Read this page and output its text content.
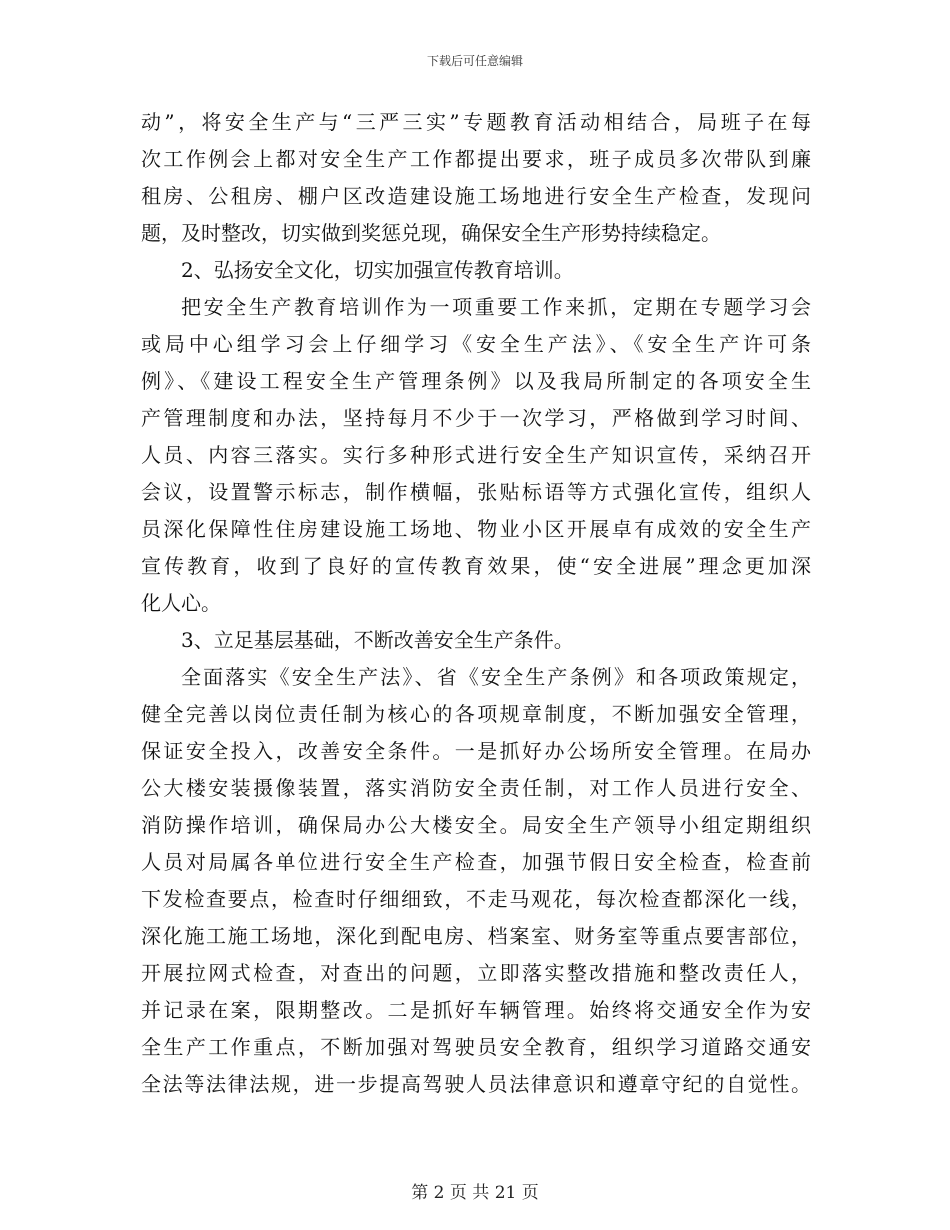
下载后可任意编辑
动”，将安全生产与“三严三实”专题教育活动相结合，局班子在每
次工作例会上都对安全生产工作都提出要求，班子成员多次带队到廉
租房、公租房、棚户区改造建设施工场地进行安全生产检查，发现问
题，及时整改，切实做到奖惩兑现，确保安全生产形势持续稳定。
2、弘扬安全文化，切实加强宣传教育培训。
把安全生产教育培训作为一项重要工作来抓，定期在专题学习会
或局中心组学习会上仔细学习《安全生产法》、《安全生产许可条
例》、《建设工程安全生产管理条例》以及我局所制定的各项安全生
产管理制度和办法，坚持每月不少于一次学习，严格做到学习时间、
人员、内容三落实。实行多种形式进行安全生产知识宣传，采纳召开
会议，设置警示标志，制作横幅，张贴标语等方式强化宣传，组织人
员深化保障性住房建设施工场地、物业小区开展卓有成效的安全生产
宣传教育，收到了良好的宣传教育效果，使“安全进展”理念更加深
化人心。
3、立足基层基础，不断改善安全生产条件。
全面落实《安全生产法》、省《安全生产条例》和各项政策规定，
健全完善以岗位责任制为核心的各项规章制度，不断加强安全管理，
保证安全投入，改善安全条件。一是抓好办公场所安全管理。在局办
公大楼安装摄像装置，落实消防安全责任制，对工作人员进行安全、
消防操作培训，确保局办公大楼安全。局安全生产领导小组定期组织
人员对局属各单位进行安全生产检查，加强节假日安全检查，检查前
下发检查要点，检查时仔细细致，不走马观花，每次检查都深化一线，
深化施工施工场地，深化到配电房、档案室、财务室等重点要害部位，
开展拉网式检查，对查出的问题，立即落实整改措施和整改责任人，
并记录在案，限期整改。二是抓好车辆管理。始终将交通安全作为安
全生产工作重点，不断加强对驾驶员安全教育，组织学习道路交通安
全法等法律法规，进一步提高驾驶人员法律意识和遵章守纪的自觉性。
第 2 页 共 21 页
